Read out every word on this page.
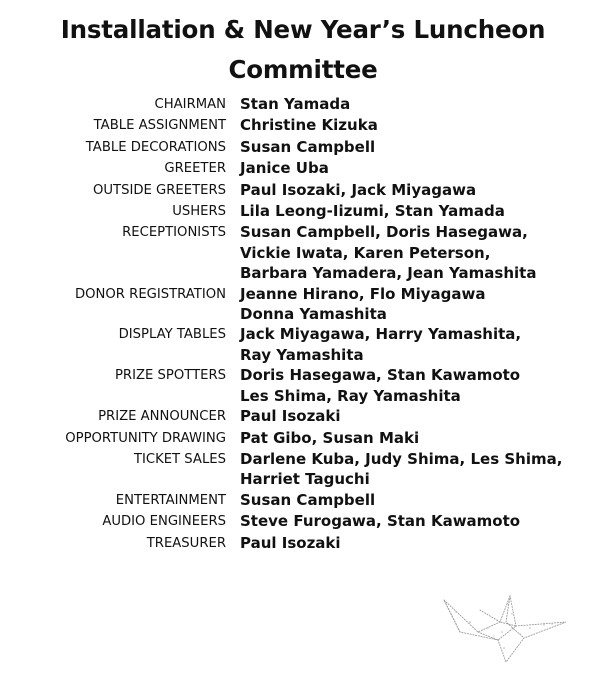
Installation & New Year’s Luncheon
Committee
CHAIRMAN Stan Yamada
TABLE ASSIGNMENT Christine Kizuka
TABLE DECORATIONS Susan Campbell
GREETER Janice Uba
OUTSIDE GREETERS Paul Isozaki, Jack Miyagawa
USHERS Lila Leong-Iizumi, Stan Yamada
RECEPTIONISTS Susan Campbell, Doris Hasegawa,
Vickie Iwata, Karen Peterson,
Barbara Yamadera, Jean Yamashita
DONOR REGISTRATION Jeanne Hirano, Flo Miyagawa
Donna Yamashita
DISPLAY TABLES Jack Miyagawa, Harry Yamashita,
Ray Yamashita
PRIZE SPOTTERS Doris Hasegawa, Stan Kawamoto
Les Shima, Ray Yamashita
PRIZE ANNOUNCER Paul Isozaki
OPPORTUNITY DRAWING Pat Gibo, Susan Maki
TICKET SALES Darlene Kuba, Judy Shima, Les Shima,
Harriet Taguchi
ENTERTAINMENT Susan Campbell
AUDIO ENGINEERS Steve Furogawa, Stan Kawamoto
TREASURER Paul Isozaki
